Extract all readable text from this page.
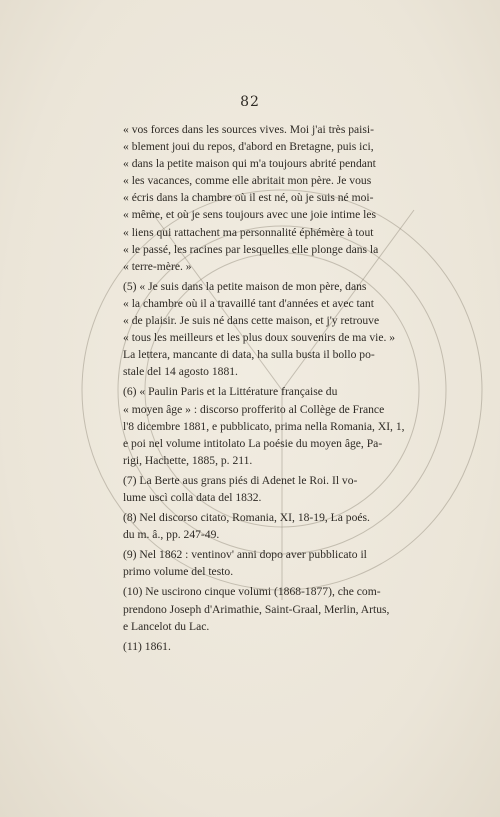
82
« vos forces dans les sources vives. Moi j'ai très paisi-
« blement joui du repos, d'abord en Bretagne, puis ici,
« dans la petite maison qui m'a toujours abrité pendant
« les vacances, comme elle abritait mon père. Je vous
« écris dans la chambre où il est né, où je suis né moi-
« même, et où je sens toujours avec une joie intime les
« liens qui rattachent ma personnalité éphémère à tout
« le passé, les racines par lesquelles elle plonge dans la
« terre-mère. »
(5) « Je suis dans la petite maison de mon père, dans
« la chambre où il a travaillé tant d'années et avec tant
« de plaisir. Je suis né dans cette maison, et j'y retrouve
« tous les meilleurs et les plus doux souvenirs de ma vie. »
La lettera, mancante di data, ha sulla busta il bollo po-
stale del 14 agosto 1881.
(6) « Paulin Paris et la Littérature française du
« moyen âge » : discorso profferito al Collège de France
l'8 dicembre 1881, e pubblicato, prima nella Romania, XI, 1,
e poi nel volume intitolato La poésie du moyen âge, Pa-
rigi, Hachette, 1885, p. 211.
(7) La Berte aus grans piés di Adenet le Roi. Il vo-
lume uscì colla data del 1832.
(8) Nel discorso citato, Romania, XI, 18-19, La poés.
du m. â., pp. 247-49.
(9) Nel 1862 : ventinov' anni dopo aver pubblicato il
primo volume del testo.
(10) Ne uscirono cinque volumi (1868-1877), che com-
prendono Joseph d'Arimathie, Saint-Graal, Merlin, Artus,
e Lancelot du Lac.
(11) 1861.
